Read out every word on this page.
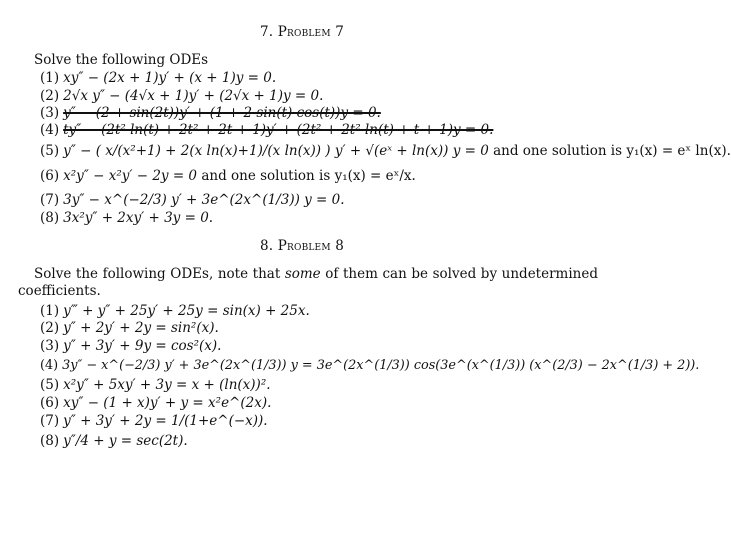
7. Problem 7
Solve the following ODEs
(1) xy″ − (2x + 1)y′ + (x + 1)y = 0.
(2) 2√x y″ − (4√x + 1)y′ + (2√x + 1)y = 0.
(3) y″ − (2 + sin(2t))y′ + (1 + 2 sin(t) cos(t))y = 0.
(4) ty″ − (2t² ln(t) + 2t² + 2t + 1)y′ + (2t² + 2t² ln(t) + t + 1)y = 0.
(5) y″ − ( x/(x²+1) + 2(x ln(x)+1)/(x ln(x)) ) y′ + √(eˣ + ln(x)) y = 0 and one solution is y₁(x) = eˣ ln(x).
(6) x²y″ − x²y′ − 2y = 0 and one solution is y₁(x) = eˣ/x.
(7) 3y″ − x^(−2/3) y′ + 3e^(2x^(1/3)) y = 0.
(8) 3x²y″ + 2xy′ + 3y = 0.
8. Problem 8
Solve the following ODEs, note that some of them can be solved by undetermined coefficients.
(1) y‴ + y″ + 25y′ + 25y = sin(x) + 25x.
(2) y″ + 2y′ + 2y = sin²(x).
(3) y″ + 3y′ + 9y = cos²(x).
(4) 3y″ − x^(−2/3) y′ + 3e^(2x^(1/3)) y = 3e^(2x^(1/3)) cos(3e^(x^(1/3)) (x^(2/3) − 2x^(1/3) + 2)).
(5) x²y″ + 5xy′ + 3y = x + (ln(x))².
(6) xy″ − (1 + x)y′ + y = x²e^(2x).
(7) y″ + 3y′ + 2y = 1/(1+e^(−x)).
(8) y″/4 + y = sec(2t).
